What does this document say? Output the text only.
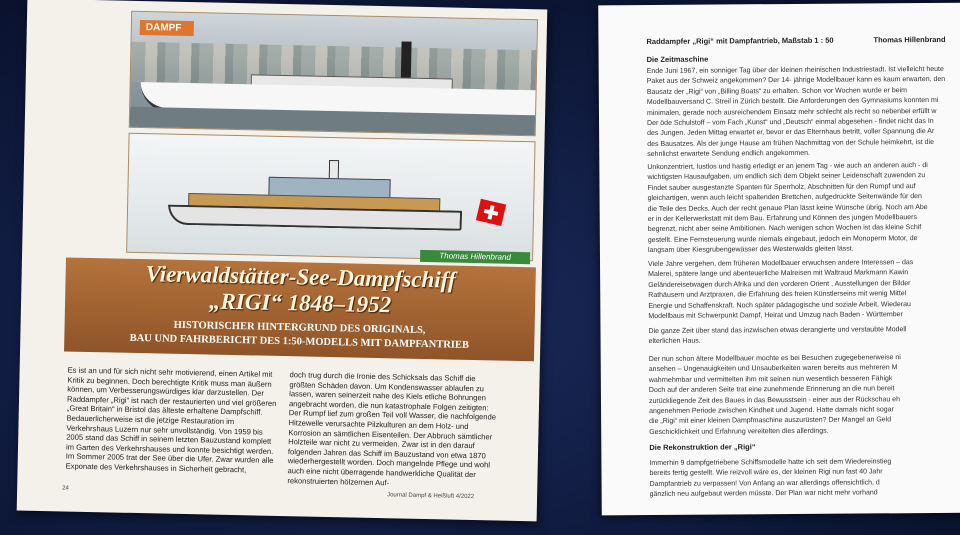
DAMPF
Thomas Hillenbrand
Vierwaldstätter-See-Dampfschiff
„RIGI“ 1848–1952
HISTORISCHER HINTERGRUND DES ORIGINALS,
BAU UND FAHRBERICHT DES 1:50-MODELLS MIT DAMPFANTRIEB
Es ist an und für sich nicht sehr motivierend, einen Artikel mit Kritik zu beginnen. Doch berechtigte Kritik muss man äußern können, um Verbesserungswürdiges klar darzustellen. Der Raddampfer „Rigi“ ist nach der restaurierten und viel größeren „Great Britain“ in Bristol das älteste erhaltene Dampfschiff. Bedauerlicherweise ist die jetzige Restauration im Verkehrshaus Luzern nur sehr unvollständig. Von 1959 bis 2005 stand das Schiff in seinem letzten Bauzustand komplett im Garten des Verkehrshauses und konnte besichtigt werden. Im Sommer 2005 trat der See über die Ufer. Zwar wurden alle Exponate des Verkehrshauses in Sicherheit gebracht,
doch trug durch die Ironie des Schicksals das Schiff die größten Schäden davon. Um Kondenswasser ablaufen zu lassen, waren seinerzeit nahe des Kiels etliche Bohrungen angebracht worden, die nun katastrophale Folgen zeitigten: Der Rumpf lief zum großen Teil voll Wasser, die nachfolgende Hitzewelle verursachte Pilzkulturen an dem Holz- und Korrosion an sämtlichen Eisenteilen. Der Abbruch sämtlicher Holzteile war nicht zu vermeiden. Zwar ist in den darauf folgenden Jahren das Schiff im Bauzustand von etwa 1870 wiederhergestellt worden. Doch mangelnde Pflege und wohl auch eine nicht überragende handwerkliche Qualität der rekonstruierten hölzernen Auf-
24
Journal Dampf & Heißluft 4/2022
Raddampfer „Rigi“ mit Dampfantrieb, Maßstab 1 : 50	Thomas Hillenbrand
Die Zeitmaschine
Ende Juni 1967, ein sonniger Tag über der kleinen rheinischen Industriestadt. Ist vielleicht heute
Paket aus der Schweiz angekommen? Der 14- jährige Modellbauer kann es kaum erwarten, den
Bausatz der „Rigi“ von „Billing Boats“ zu erhalten. Schon vor Wochen wurde er beim
Modellbauversand C. Streil in Zürich bestellt. Die Anforderungen des Gymnasiums konnten mi
minimalen, gerade noch ausreichendem Einsatz mehr schlecht als recht so nebenbei erfüllt w
Der öde Schulstoff – vom Fach „Kunst“ und „Deutsch“ einmal abgesehen - findet nicht das In
des Jungen. Jeden Mittag erwartet er, bevor er das Elternhaus betritt, voller Spannung die Ar
des Bausatzes. Als der junge Hause am frühen Nachmittag von der Schule heimkehrt, ist die
sehnlichst erwartete Sendung endlich angekommen.
Unkonzentriert, lustlos und hastig erledigt er an jenem Tag - wie auch an anderen auch - di
wichtigsten Hausaufgaben, um endlich sich dem Objekt seiner Leidenschaft zuwenden zu
Findet sauber ausgestanzte Spanten für Sperrholz, Abschnitten für den Rumpf und auf
gleichartigen, wenn auch leicht spaltenden Brettchen, aufgedruckte Seitenwände für den
die Teile des Decks. Auch der recht genaue Plan lässt keine Wünsche übrig. Noch am Abe
er in der Kellerwerkstatt mit dem Bau. Erfahrung und Können des jungen Modellbauers
begrenzt, nicht aber seine Ambitionen. Nach wenigen schon Wochen ist das kleine Schif
gestellt. Eine Fernsteuerung wurde niemals eingebaut, jedoch ein Monoperm Motor, de
langsam über Kiesgrubengewässer des Westerwalds gleiten lässt.
Viele Jahre vergehen, dem früheren Modellbauer erwuchsen andere Interessen – das
Malerei, spätere lange und abenteuerliche Malreisen mit Waltraud Markmann Kawin
Geländereisetwagen durch Afrika und den vorderen Orient , Ausstellungen der Bilder
Rathäusern und Arztpraxen, die Erfahrung des freien Künstlerseins mit wenig Mittel
Energie und Schaffenskraft. Noch später pädagogische und soziale Arbeit, Wiederau
Modellbaus mit Schwerpunkt Dampf, Heirat und Umzug nach Baden - Württember
Die ganze Zeit über stand das inzwischen etwas derangierte und verstaubte Modell
elterlichen Haus.
Der nun schon ältere Modellbauer mochte es bei Besuchen zugegebenerweise ni
ansehen – Ungenauigkeiten und Unsauberkeiten waren bereits aus mehreren M
wahrnehmbar und vermittelten ihm mit seinen nun wesentlich besseren Fähigk
Doch auf der anderen Seite trat eine zunehmende Erinnerung an die nun bereit
zurückliegende Zeit des Baues in das Bewusstsein - einer aus der Rückschau eh
angenehmen Periode zwischen Kindheit und Jugend. Hatte damals nicht sogar
die „Rigi“ mit einer kleinen Dampfmaschine auszurüsten? Der Mangel an Geld
Geschicklichkeit und Erfahrung vereitelten dies allerdings.
Die Rekonstruktion der „Rigi“
Immerhin 9 dampfgetriebene Schiffsmodelle hatte ich seit dem Wiedereinstieg
bereits fertig gestellt. Wie reizvoll wäre es, der kleinen Rigi nun fast 40 Jahr
Dampfantrieb zu verpassen! Von Anfang an war allerdings offensichtlich, d
gänzlich neu aufgebaut werden müsste. Der Plan war nicht mehr vorhand
